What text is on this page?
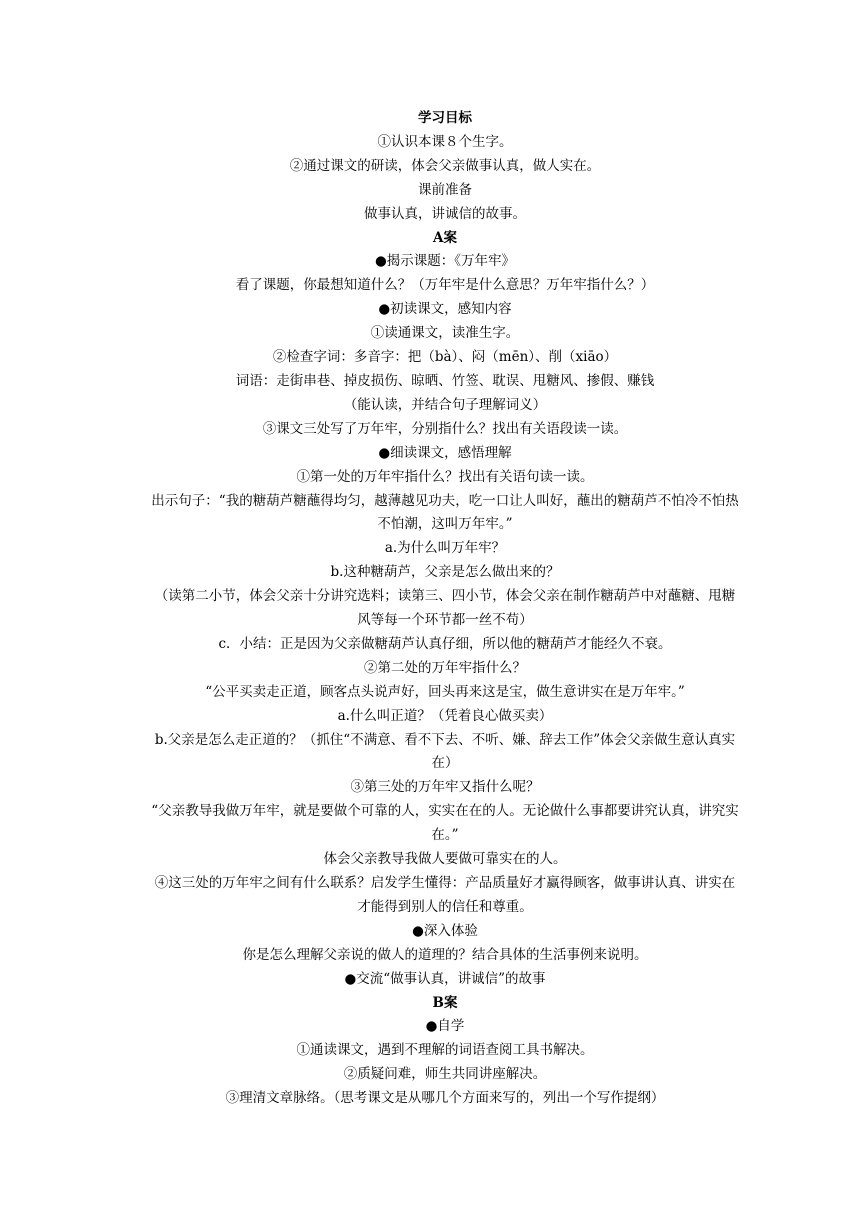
学习目标
①认识本课８个生字。
②通过课文的研读，体会父亲做事认真，做人实在。
课前准备
做事认真，讲诚信的故事。
A案
●揭示课题：《万年牢》
看了课题，你最想知道什么？（万年牢是什么意思？万年牢指什么？）
●初读课文，感知内容
①读通课文，读准生字。
②检查字词：多音字：把（bà）、闷（mēn）、削（xiāo）
词语：走街串巷、掉皮损伤、晾晒、竹签、耽误、甩糖风、掺假、赚钱
（能认读，并结合句子理解词义）
③课文三处写了万年牢，分别指什么？找出有关语段读一读。
●细读课文，感悟理解
①第一处的万年牢指什么？找出有关语句读一读。
出示句子：“我的糖葫芦糖蘸得均匀，越薄越见功夫，吃一口让人叫好，蘸出的糖葫芦不怕冷不怕热不怕潮，这叫万年牢。”
a.为什么叫万年牢？
b.这种糖葫芦，父亲是怎么做出来的？
（读第二小节，体会父亲十分讲究选料；读第三、四小节，体会父亲在制作糖葫芦中对蘸糖、甩糖风等每一个环节都一丝不苟）
c．小结：正是因为父亲做糖葫芦认真仔细，所以他的糖葫芦才能经久不衰。
②第二处的万年牢指什么？
“公平买卖走正道，顾客点头说声好，回头再来这是宝，做生意讲实在是万年牢。”
a.什么叫正道？（凭着良心做买卖）
b.父亲是怎么走正道的？（抓住“不满意、看不下去、不听、嫌、辞去工作”体会父亲做生意认真实在）
③第三处的万年牢又指什么呢？
“父亲教导我做万年牢，就是要做个可靠的人，实实在在的人。无论做什么事都要讲究认真，讲究实在。”
体会父亲教导我做人要做可靠实在的人。
④这三处的万年牢之间有什么联系？启发学生懂得：产品质量好才赢得顾客，做事讲认真、讲实在才能得到别人的信任和尊重。
●深入体验
你是怎么理解父亲说的做人的道理的？结合具体的生活事例来说明。
●交流“做事认真，讲诚信”的故事
B案
●自学
①通读课文，遇到不理解的词语查阅工具书解决。
②质疑问难，师生共同讲座解决。
③理清文章脉络。（思考课文是从哪几个方面来写的，列出一个写作提纲）
